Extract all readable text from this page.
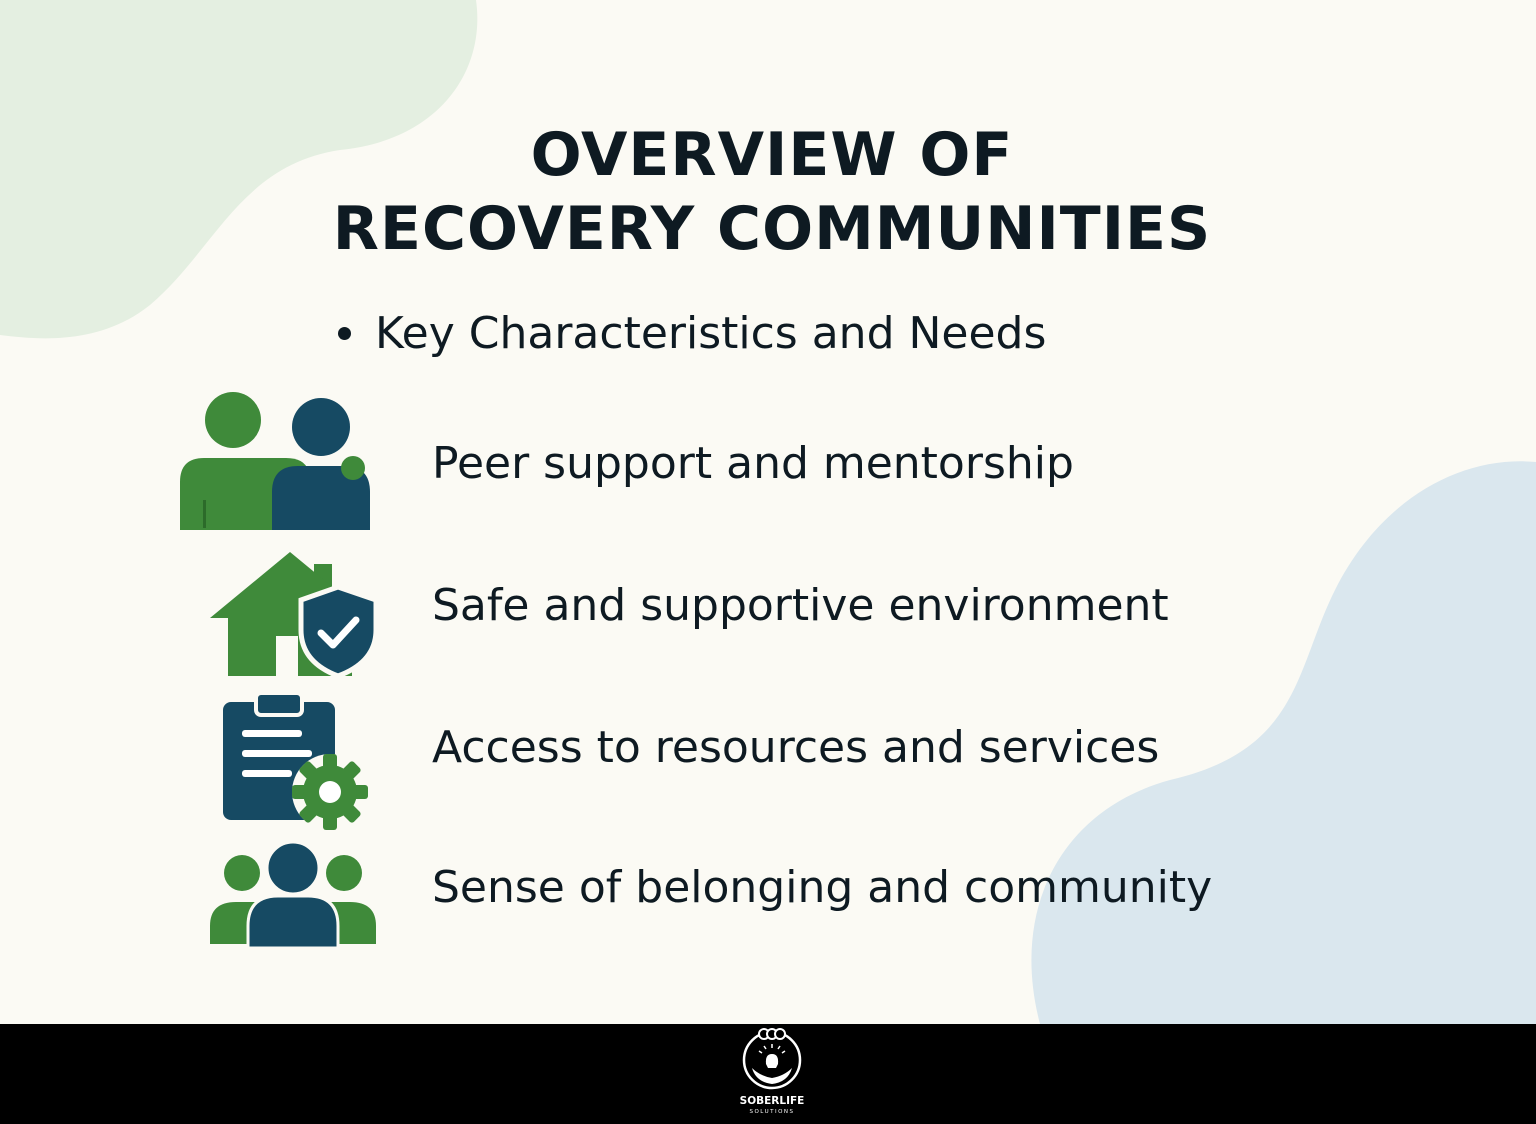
OVERVIEW OF
RECOVERY COMMUNITIES
Key Characteristics and Needs
Peer support and mentorship
Safe and supportive environment
Access to resources and services
Sense of belonging and community
SOBERLIFE
SOLUTIONS
